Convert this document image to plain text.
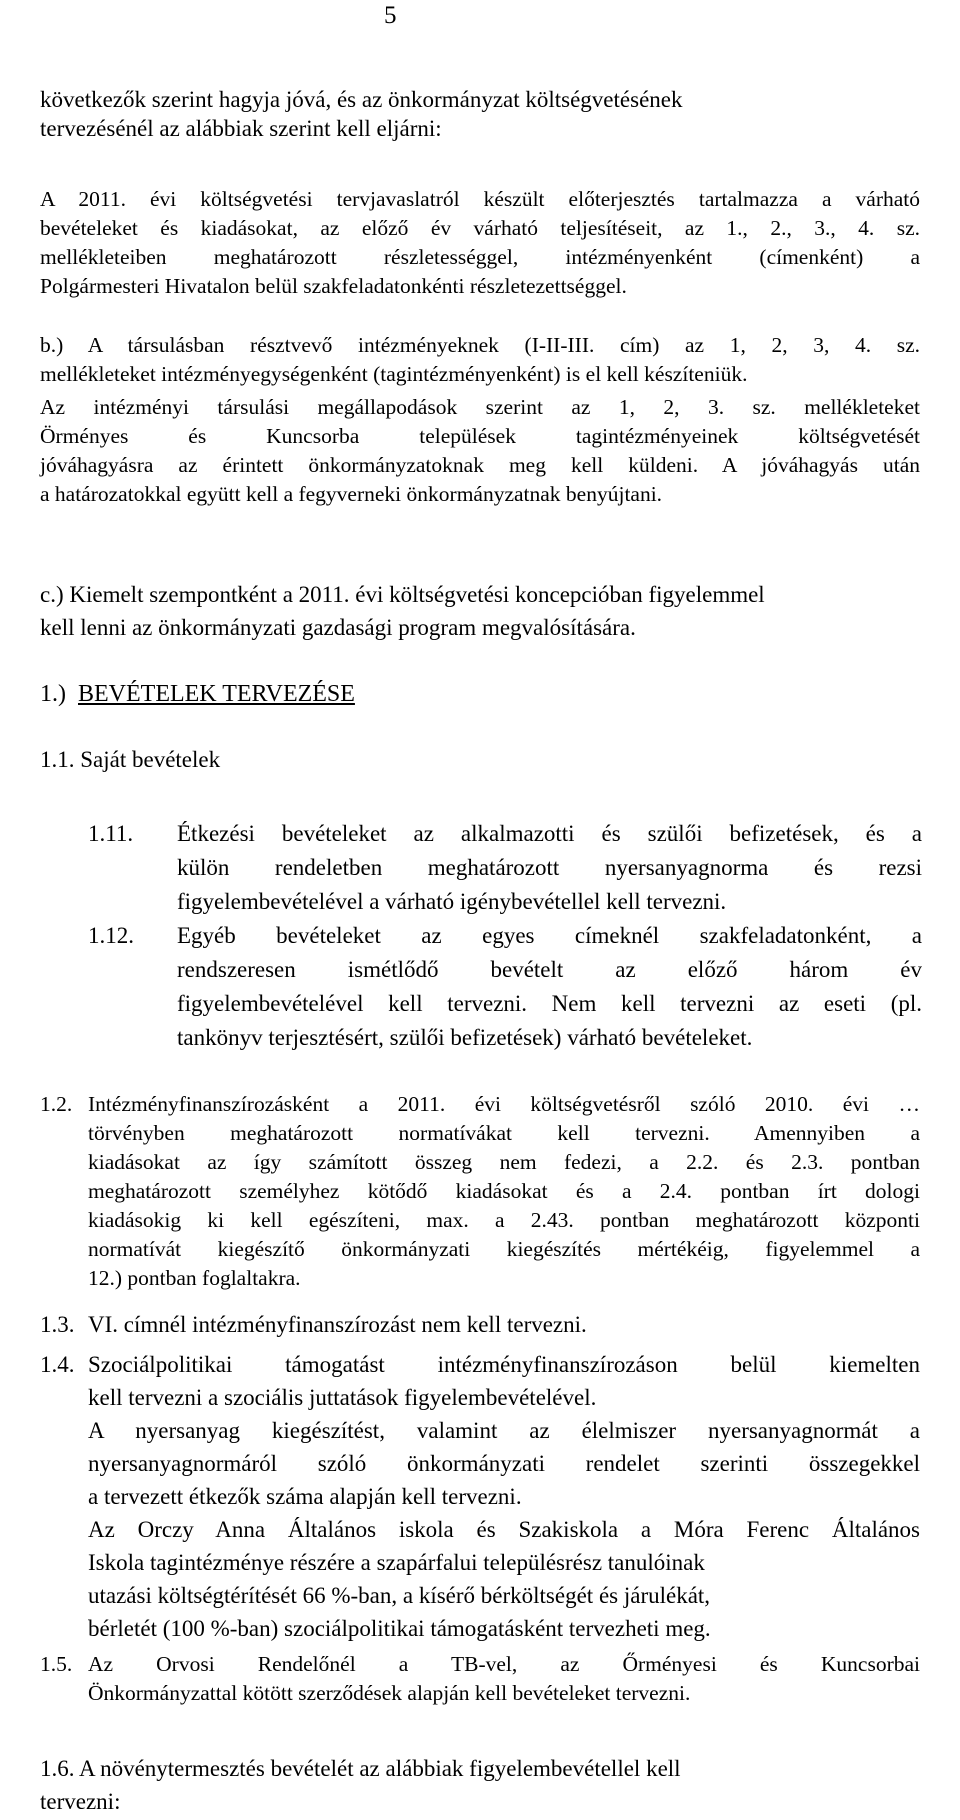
5
következők szerint hagyja jóvá, és az önkormányzat költségvetésének
tervezésénél az alábbiak szerint kell eljárni:
A 2011. évi költségvetési tervjavaslatról készült előterjesztés tartalmazza a várható
bevételeket és kiadásokat, az előző év várható teljesítéseit, az 1., 2., 3., 4. sz.
mellékleteiben meghatározott részletességgel, intézményenként (címenként) a
Polgármesteri Hivatalon belül szakfeladatonkénti részletezettséggel.
b.) A társulásban résztvevő intézményeknek (I-II-III. cím) az 1, 2, 3, 4. sz.
mellékleteket intézményegységenként (tagintézményenként) is el kell készíteniük.
Az intézményi társulási megállapodások szerint az 1, 2, 3. sz. mellékleteket
Örményes és Kuncsorba települések tagintézményeinek költségvetését
jóváhagyásra az érintett önkormányzatoknak meg kell küldeni. A jóváhagyás után
a határozatokkal együtt kell a fegyverneki önkormányzatnak benyújtani.
c.) Kiemelt szempontként a 2011. évi költségvetési koncepcióban figyelemmel
kell lenni az önkormányzati gazdasági program megvalósítására.
1.) BEVÉTELEK TERVEZÉSE
1.1. Saját bevételek
1.11. Étkezési bevételeket az alkalmazotti és szülői befizetések, és a
külön rendeletben meghatározott nyersanyagnorma és rezsi
figyelembevételével a várható igénybevétellel kell tervezni.
1.12. Egyéb bevételeket az egyes címeknél szakfeladatonként, a
rendszeresen ismétlődő bevételt az előző három év
figyelembevételével kell tervezni. Nem kell tervezni az eseti (pl.
tankönyv terjesztésért, szülői befizetések) várható bevételeket.
1.2. Intézményfinanszírozásként a 2011. évi költségvetésről szóló 2010. évi …
törvényben meghatározott normatívákat kell tervezni. Amennyiben a
kiadásokat az így számított összeg nem fedezi, a 2.2. és 2.3. pontban
meghatározott személyhez kötődő kiadásokat és a 2.4. pontban írt dologi
kiadásokig ki kell egészíteni, max. a 2.43. pontban meghatározott központi
normatívát kiegészítő önkormányzati kiegészítés mértékéig, figyelemmel a
12.) pontban foglaltakra.
1.3. VI. címnél intézményfinanszírozást nem kell tervezni.
1.4. Szociálpolitikai támogatást intézményfinanszírozáson belül kiemelten
kell tervezni a szociális juttatások figyelembevételével.
A nyersanyag kiegészítést, valamint az élelmiszer nyersanyagnormát a
nyersanyagnormáról szóló önkormányzati rendelet szerinti összegekkel
a tervezett étkezők száma alapján kell tervezni.
Az Orczy Anna Általános iskola és Szakiskola a Móra Ferenc Általános
Iskola tagintézménye részére a szapárfalui településrész tanulóinak
utazási költségtérítését 66 %-ban, a kísérő bérköltségét és járulékát,
bérletét (100 %-ban) szociálpolitikai támogatásként tervezheti meg.
1.5. Az Orvosi Rendelőnél a TB-vel, az Őrményesi és Kuncsorbai
Önkormányzattal kötött szerződések alapján kell bevételeket tervezni.
1.6. A növénytermesztés bevételét az alábbiak figyelembevétellel kell
tervezni:
